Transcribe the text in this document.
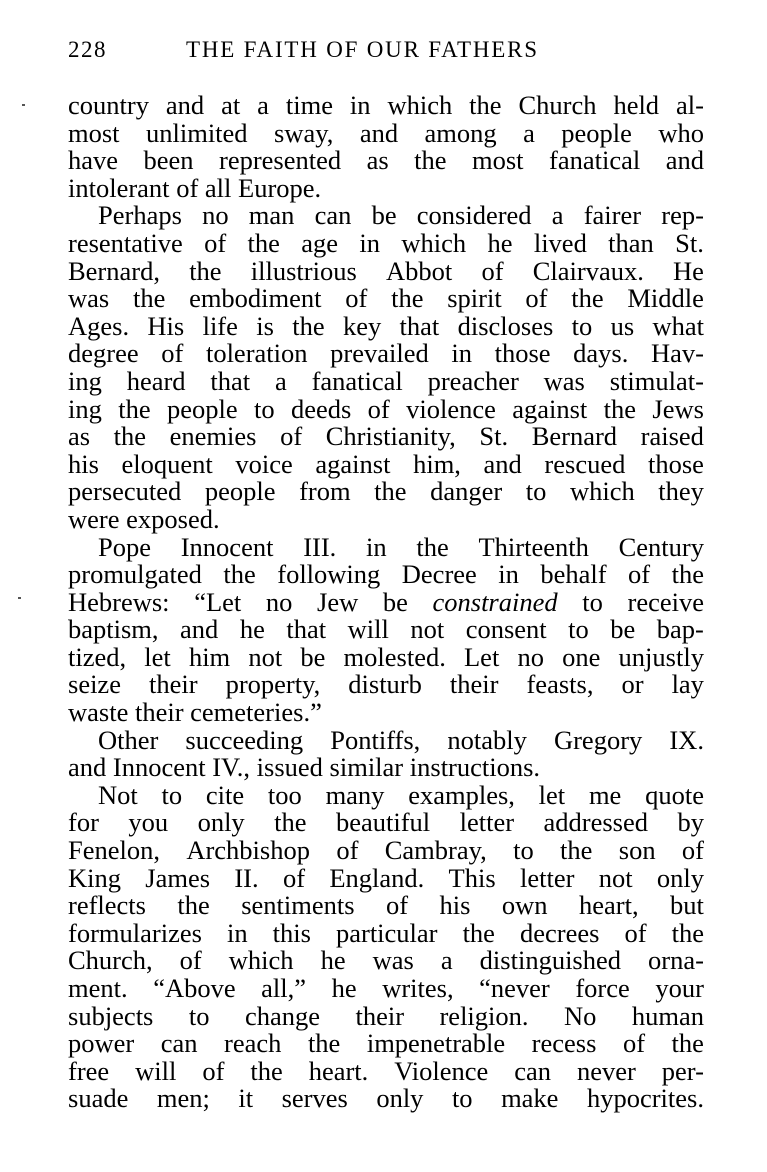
228	THE FAITH OF OUR FATHERS
country and at a time in which the Church held al-
most unlimited sway, and among a people who
have been represented as the most fanatical and
intolerant of all Europe.
Perhaps no man can be considered a fairer rep-
resentative of the age in which he lived than St.
Bernard, the illustrious Abbot of Clairvaux. He
was the embodiment of the spirit of the Middle
Ages. His life is the key that discloses to us what
degree of toleration prevailed in those days. Hav-
ing heard that a fanatical preacher was stimulat-
ing the people to deeds of violence against the Jews
as the enemies of Christianity, St. Bernard raised
his eloquent voice against him, and rescued those
persecuted people from the danger to which they
were exposed.
Pope Innocent III. in the Thirteenth Century
promulgated the following Decree in behalf of the
Hebrews: “Let no Jew be constrained to receive
baptism, and he that will not consent to be bap-
tized, let him not be molested. Let no one unjustly
seize their property, disturb their feasts, or lay
waste their cemeteries.”
Other succeeding Pontiffs, notably Gregory IX.
and Innocent IV., issued similar instructions.
Not to cite too many examples, let me quote
for you only the beautiful letter addressed by
Fenelon, Archbishop of Cambray, to the son of
King James II. of England. This letter not only
reflects the sentiments of his own heart, but
formularizes in this particular the decrees of the
Church, of which he was a distinguished orna-
ment. “Above all,” he writes, “never force your
subjects to change their religion. No human
power can reach the impenetrable recess of the
free will of the heart. Violence can never per-
suade men; it serves only to make hypocrites.
